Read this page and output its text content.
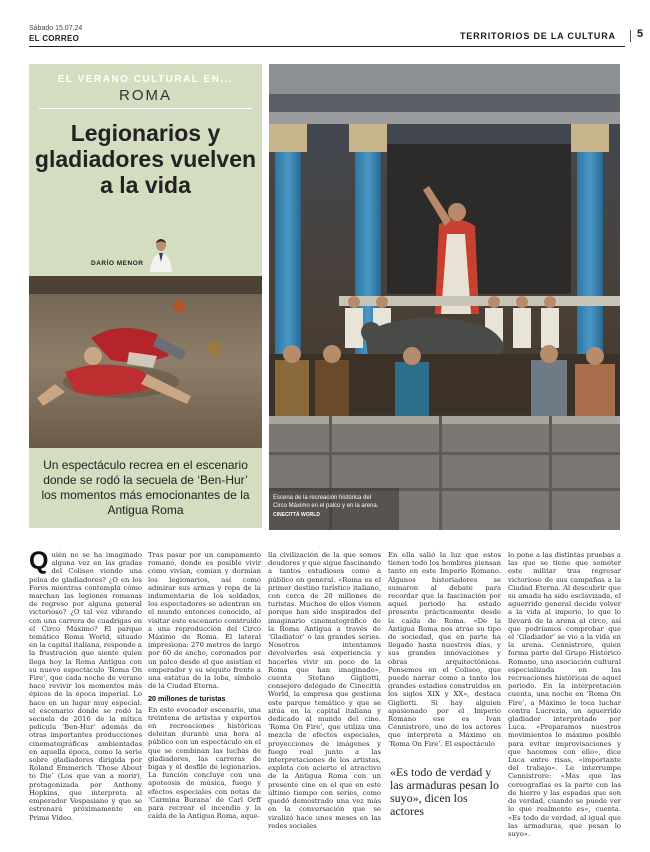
Sábado 15.07.24
EL CORREO	TERRITORIOS DE LA CULTURA 5
EL VERANO CULTURAL EN...
ROMA
Legionarios y gladiadores vuelven a la vida
DARÍO MENOR
Un espectáculo recrea en el escenario donde se rodó la secuela de ‘Ben-Hur’ los momentos más emocionantes de la Antigua Roma
Escena de la recreación histórica del Circo Máximo en el palco y en la arena.
CINECITTÀ WORLD
Q uién no se ha imaginado alguna vez en las gradas del Coliseo viendo una pelea de gladiadores? ¿O en los Foros mientras contempla cómo marchan las legiones romanas de regreso por alguna general victorioso? ¿O tal vez vibrando con una carrera de cuadrigas en el Circo Máximo? El parque temático Roma World, situado en la capital italiana, responde a la frustración que siente quien llega hoy la Roma Antigua con su nuevo espectáculo ‘Roma On Fire’, que cada noche de verano hace revivir los momentos más épicos de la época imperial. Lo hace en un lugar muy especial: el escenario donde se rodó la secuela de 2016 de la mítica película ‘Ben-Hur’ además de otras importantes producciones cinematográficas ambientadas en aquella época, como la serie sobre gladiadores dirigida por Roland Emmerich ‘Those About to Die’ (Los que van a morir), protagonizada por Anthony Hopkins, que interpreta al emperador Vespasiano y que se estrenará próximamente en Prime Video.

Tras pasar por un campamento romano, donde es posible vivir cómo vivían, comían y dormían los legionarios, así como admirar sus armas y ropa de la indumentaria de los soldados, los espectadores se adentran en el mundo entonces conocido, al visitar este escenario construido a una reproducción del Circo Máximo de Roma. El lateral impresiona: 270 metros de largo por 60 de ancho, coronados por un palco desde el que asistían el emperador y su séquito frente a una estatua de la loba, símbolo de la Ciudad Eterna.

20 millones de turistas

En este evocador escenario, una treintena de artistas y expertos en recreaciones históricas deleitan durante una hora al público con un espectáculo en el que se combinan las luchas de gladiadores, las carreras de bigas y el desfile de legionarios. La función concluye con una apoteosis de música, fuego y efectos especiales con notas de ‘Carmina Burana’ de Carl Orff para recrear el incendio y la caída de la Antigua Roma, aque-

lla civilización de la que somos deudores y que sigue fascinando a tantos estudiosos como a público en general. «Roma es el primer destino turístico italiano, con cerca de 20 millones de turistas. Muchos de ellos vienen porque han sido inspirados del imaginario cinematográfico de la Roma Antigua a través de ‘Gladiator’ o las grandes series. Nosotros intentamos devolverles esa experiencia y hacerles vivir un poco de la Roma que han imaginado», cuenta Stefano Gigliotti, consejero delegado de Cinecittà World, la empresa que gestiona este parque temático y que se sitúa en la capital italiana y dedicado al mundo del cine. ‘Roma On Fire’, que utiliza una mezcla de efectos especiales, proyecciones de imágenes y fuego real junto a las interpretaciones de los artistas, explota con acierto el atractivo de la Antigua Roma con un presente cine en el que en este último tiempo con series, como quedó demostrado una vez más en la conversación que se viralizó hace unos meses en las redes sociales

En ella salió la luz que estos tienen todo los hombres piensan tanto en este Imperio Romano. Algunos historiadores se sumaron al debate para recordar que la fascinación por aquel periodo ha estado presente prácticamente desde la caída de Roma. «De la Antigua Roma nos atrae su tipo de sociedad, que en parte ha llegado hasta nuestros días, y sus grandes innovaciones y obras arquitectónicas. Pensemos en el Coliseo, que puede narrar como a tanto los grandes estadios construidos en los siglos XIX y XX», destaca Gigliotti. Si hay alguien apasionado por el Imperio Romano ese es Ivan Cennistrore, uno de los actores que interpreta a Máximo en ‘Roma On Fire’. El espectáculo

«Es todo de verdad y las armaduras pesan lo suyo», dicen los actores

lo pone a las distintas pruebas a las que se tiene que someter este militar tras regresar victorioso de sus campañas a la Ciudad Eterna. Al descubrir que su amada ha sido esclavizada, el aguerrido general decide volver a la vida al imperio, lo que lo llevará de la arena al circo, así que podríamos comprobar que el ‘Gladiador’ se vio a la vida en la arena. Cennistrore, quien forma parte del Grupo Histórico Romano, una asociación cultural especializada en las recreaciones históricas de aquel periodo. En la interpretación cuenta, una noche en ‘Roma On Fire’, a Máximo le toca luchar contra Lucrezia, un aguerrido gladiador interpretado por Luca. «Preparamos nuestros movimientos lo máximo posible para evitar improvisaciones y que hacemos con ello», dice Luca entre risas, «importante del trabajo». Le interrumpe Cennistrore: «Más que las coreografías es la parte con las de hierro y las espadas que son de verdad, cuando se puede ver lo que realmente es», cuenta. «Es todo de verdad, al igual que las armaduras, que pesan lo suyo».
